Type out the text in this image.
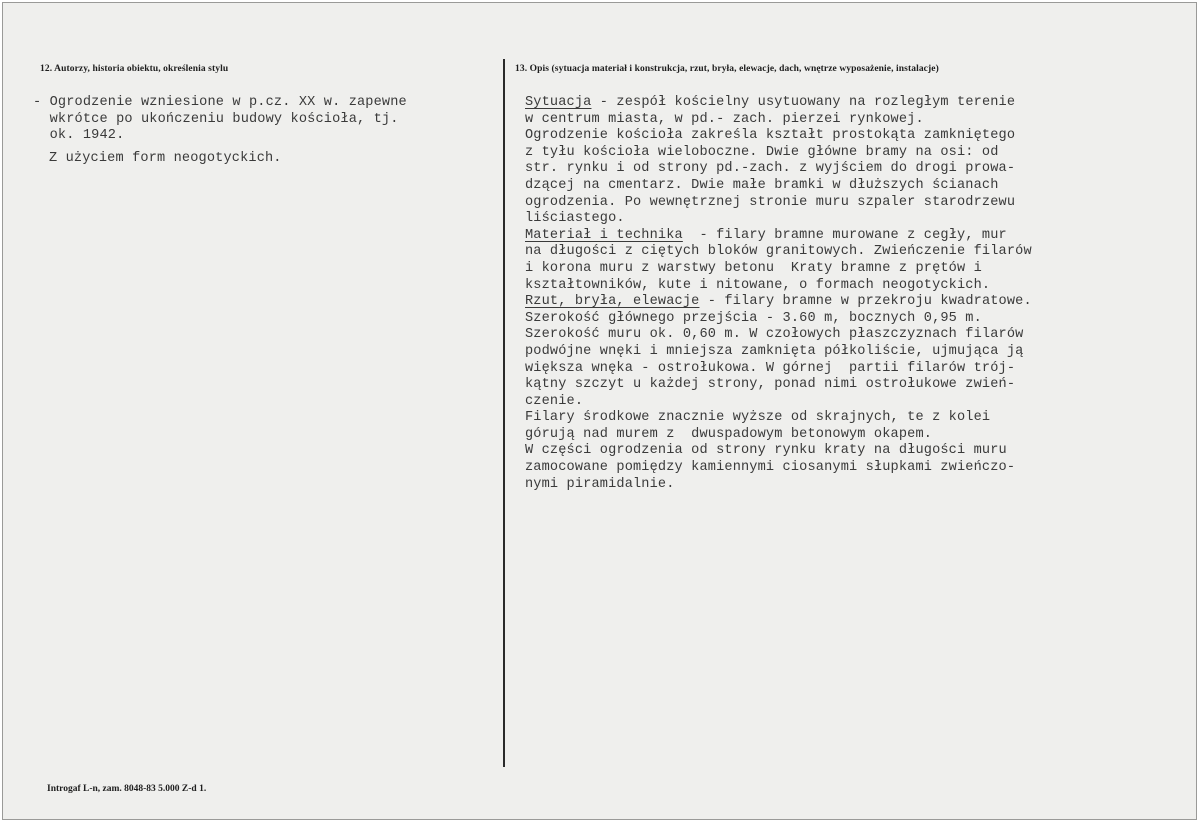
12. Autorzy, historia obiektu, określenia stylu	13. Opis (sytuacja materiał i konstrukcja, rzut, bryła, elewacje, dach, wnętrze wyposażenie, instalacje)
- Ogrodzenie wzniesione w p.cz. XX w. zapewne
wkrótce po ukończeniu budowy kościoła, tj.
ok. 1942.
Z użyciem form neogotyckich.
Sytuacja - zespół kościelny usytuowany na rozległym terenie
w centrum miasta, w pd.- zach. pierzei rynkowej.
Ogrodzenie kościoła zakreśla kształt prostokąta zamkniętego
z tyłu kościoła wieloboczne. Dwie główne bramy na osi: od
str. rynku i od strony pd.-zach. z wyjściem do drogi prowa-
dzącej na cmentarz. Dwie małe bramki w dłuższych ścianach
ogrodzenia. Po wewnętrznej stronie muru szpaler starodrzewu
liściastego.
Materiał i technika  - filary bramne murowane z cegły, mur
na długości z ciętych bloków granitowych. Zwieńczenie filarów
i korona muru z warstwy betonu  Kraty bramne z prętów i
kształtowników, kute i nitowane, o formach neogotyckich.
Rzut, bryła, elewacje - filary bramne w przekroju kwadratowe.
Szerokość głównego przejścia - 3.60 m, bocznych 0,95 m.
Szerokość muru ok. 0,60 m. W czołowych płaszczyznach filarów
podwójne wnęki i mniejsza zamknięta półkoliście, ujmująca ją
większa wnęka - ostrołukowa. W górnej  partii filarów trój-
kątny szczyt u każdej strony, ponad nimi ostrołukowe zwień-
czenie.
Filary środkowe znacznie wyższe od skrajnych, te z kolei
górują nad murem z  dwuspadowym betonowym okapem.
W części ogrodzenia od strony rynku kraty na długości muru
zamocowane pomiędzy kamiennymi ciosanymi słupkami zwieńczo-
nymi piramidalnie.
Introgaf L-n, zam. 8048-83 5.000 Z-d 1.
